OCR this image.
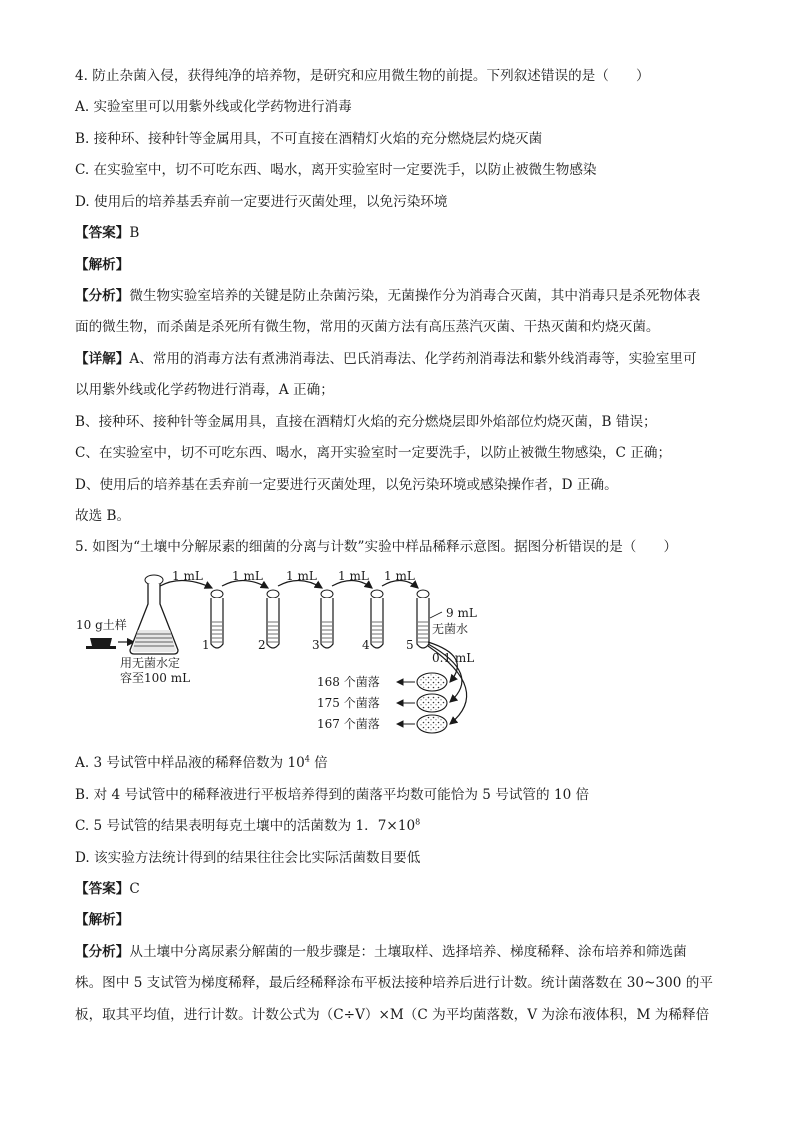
4. 防止杂菌入侵，获得纯净的培养物，是研究和应用微生物的前提。下列叙述错误的是（　　）
A. 实验室里可以用紫外线或化学药物进行消毒
B. 接种环、接种针等金属用具，不可直接在酒精灯火焰的充分燃烧层灼烧灭菌
C. 在实验室中，切不可吃东西、喝水，离开实验室时一定要洗手，以防止被微生物感染
D. 使用后的培养基丢弃前一定要进行灭菌处理，以免污染环境
【答案】B
【解析】
【分析】微生物实验室培养的关键是防止杂菌污染，无菌操作分为消毒合灭菌，其中消毒只是杀死物体表
面的微生物，而杀菌是杀死所有微生物，常用的灭菌方法有高压蒸汽灭菌、干热灭菌和灼烧灭菌。
【详解】A、常用的消毒方法有煮沸消毒法、巴氏消毒法、化学药剂消毒法和紫外线消毒等，实验室里可
以用紫外线或化学药物进行消毒，A 正确；
B、接种环、接种针等金属用具，直接在酒精灯火焰的充分燃烧层即外焰部位灼烧灭菌，B 错误；
C、在实验室中，切不可吃东西、喝水，离开实验室时一定要洗手，以防止被微生物感染，C 正确；
D、使用后的培养基在丢弃前一定要进行灭菌处理，以免污染环境或感染操作者，D 正确。
故选 B。
5. 如图为“土壤中分解尿素的细菌的分离与计数”实验中样品稀释示意图。据图分析错误的是（　　）
1 mL 1 mL 1 mL 1 mL 1 mL
10 g土样
用无菌水定
容至100 mL
1	2	3	4	5
9 mL
无菌水
0.1 mL
168 个菌落
175 个菌落
167 个菌落
A. 3 号试管中样品液的稀释倍数为 $10^4$ 倍
B. 对 4 号试管中的稀释液进行平板培养得到的菌落平均数可能恰为 5 号试管的 10 倍
C. 5 号试管的结果表明每克土壤中的活菌数为 1．$7\times 10^8$
D. 该实验方法统计得到的结果往往会比实际活菌数目要低
【答案】C
【解析】
【分析】从土壤中分离尿素分解菌的一般步骤是：土壤取样、选择培养、梯度稀释、涂布培养和筛选菌
株。图中 5 支试管为梯度稀释，最后经稀释涂布平板法接种培养后进行计数。统计菌落数在 30~300 的平
板，取其平均值，进行计数。计数公式为（C÷V）×M（C 为平均菌落数，V 为涂布液体积，M 为稀释倍
